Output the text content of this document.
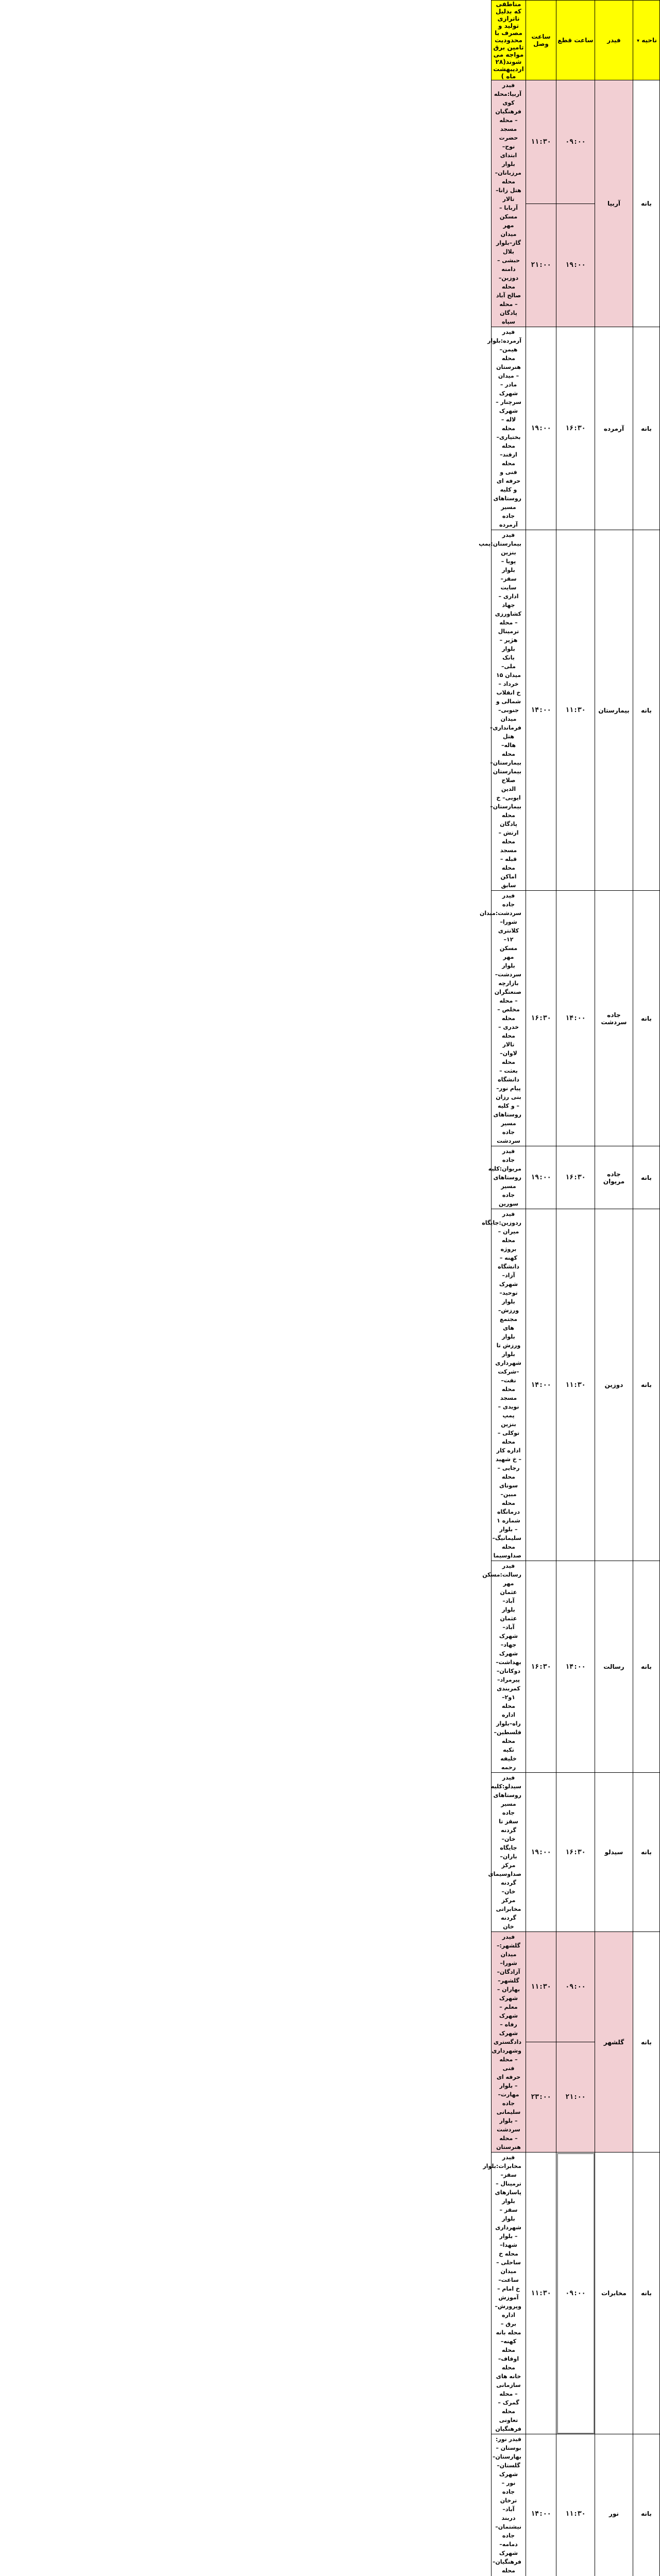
ناحیه ▾	فیدر	ساعت قطع	ساعت وصل	مناطقی که بدلیل ناترازی تولید و مصرف با محدودیت تامین برق مواجه می شوند(۲۸ اردیبهشت ماه )
بانه	آربیا	۰۹:۰۰	۱۱:۳۰	فیدر آربیا:محله کوی فرهنگیان – محله مسجد حضرت نوح–ابتدای بلوار مرزبانان–محله هتل زانا–تالار آربابا – مسکن مهر میدان گاز–بلوار بلال حبشی – دامنه دوزین– محله صالح آباد – محله پادگان سپاه
		۱۹:۰۰	۲۱:۰۰	
بانه	آرمرده	۱۶:۳۰	۱۹:۰۰	فیدر آرمرده:بلوار هیمن–محله هنرستان – میدان مادر – شهرک سرچنار – شهرک لاله – محله بختیاری–محله ارقند–محله فنی و حرفه ای و کلیه روستاهای مسیر جاده آرمرده
بانه	بیمارستان	۱۱:۳۰	۱۴:۰۰	فیدر بیمارستان:پمپ بنزین پویا – بلوار سقز– سایت اداری – جهاد کشاورزی – محله ترمینال هژیر – بلوار بانک ملی– میدان ۱۵ خرداد – خ انقلاب شمالی و جنوبی–میدان فرمانداری– هتل هاله– محله بیمارستان– بیمارستان صلاح الدین ایوبی– خ بیمارستان– محله پادگان ارتش – محله مسجد قبله – محله اماکن سابق
بانه	جاده سردشت	۱۴:۰۰	۱۶:۳۰	فیدر جاده سردشت:میدان شورا– کلانتری ۱۲–مسکن مهر بلوار سردشت–بازارچه صنعتگران – محله مخلص – محله خدری – محله تالار لاوان– محله بعثت – دانشگاه پیام نور–بنی رزان – و کلیه روستاهای مسیر جاده سردشت
بانه	جاده مریوان	۱۶:۳۰	۱۹:۰۰	فیدر جاده مریوان:کلیه روستاهای مسیر جاده سورین
بانه	دوزین	۱۱:۳۰	۱۴:۰۰	فیدر ردوزین:جایگاه میران – محله بروژه کهنه – دانشگاه آزاد– شهرک توحید– بلوار ورزش– مجتمع های بلوار ورزش تا بلوار شهرداری –شرکت نفت– محله مسجد نویدی – پمپ بنزین توکلی –محله اداره کار – خ شهید رجایی – محله سونای مبین– محله درمانگاه شماره ۱ – بلوار سلیمانیگ– محله صداوسیما
بانه	رسالت	۱۴:۰۰	۱۶:۳۰	فیدر رسالت:مسکن مهر عثمان آباد– بلوار عثمان آباد–شهرک جهاد–شهرک بهداشت–دوکانان–پیرمراد–کمربندی ۱و۲–محله اداره راه–بلوار فلسطین–محله تکیه خلیفه رحمه
بانه	سیدلو	۱۶:۳۰	۱۹:۰۰	فیدر سیدلو:کلیه روستاهای مسیر جاده سقز تا گردنه خان–جایگاه باران– مرکز صداوسیمای گردنه خان– مرکز مخابراتی گردنه خان
بانه	گلشهر	۰۹:۰۰	۱۱:۳۰	فیدر گلشهر:–میدان شورا– آزادگان– گلشهر– بهاران – شهرک معلم – شهرک رفاه – شهرک دادگستری وشهرداری – محله فنی حرفه ای – بلوار مهارت– جاده سلیمانی – بلوار سردشت – محله هنرستان
		۲۱:۰۰	۲۳:۰۰	
بانه	مخابرات	۰۹:۰۰	۱۱:۳۰	فیدر مخابرات:بلوار سقز– ترمینال – پاسازهای بلوار سقز – بلوار شهرداری – بلوار شهدا– محله خ ساحلی – میدان ساعت– خ امام – آموزش وپرورش– اداره برق – محله بانه کهنه– محله اوقاف– محله خانه های سازمانی – محله گمرک – محله تعاونی فرهنگیان
بانه	نور	۱۱:۳۰	۱۴:۰۰	فیدر نور: بوستان – بهارستان– گلستان– شهرک نور – جاده ترخان آباد– دربند نیشتمان– جاده دمامه– شهرک فرهنگیان–محله
